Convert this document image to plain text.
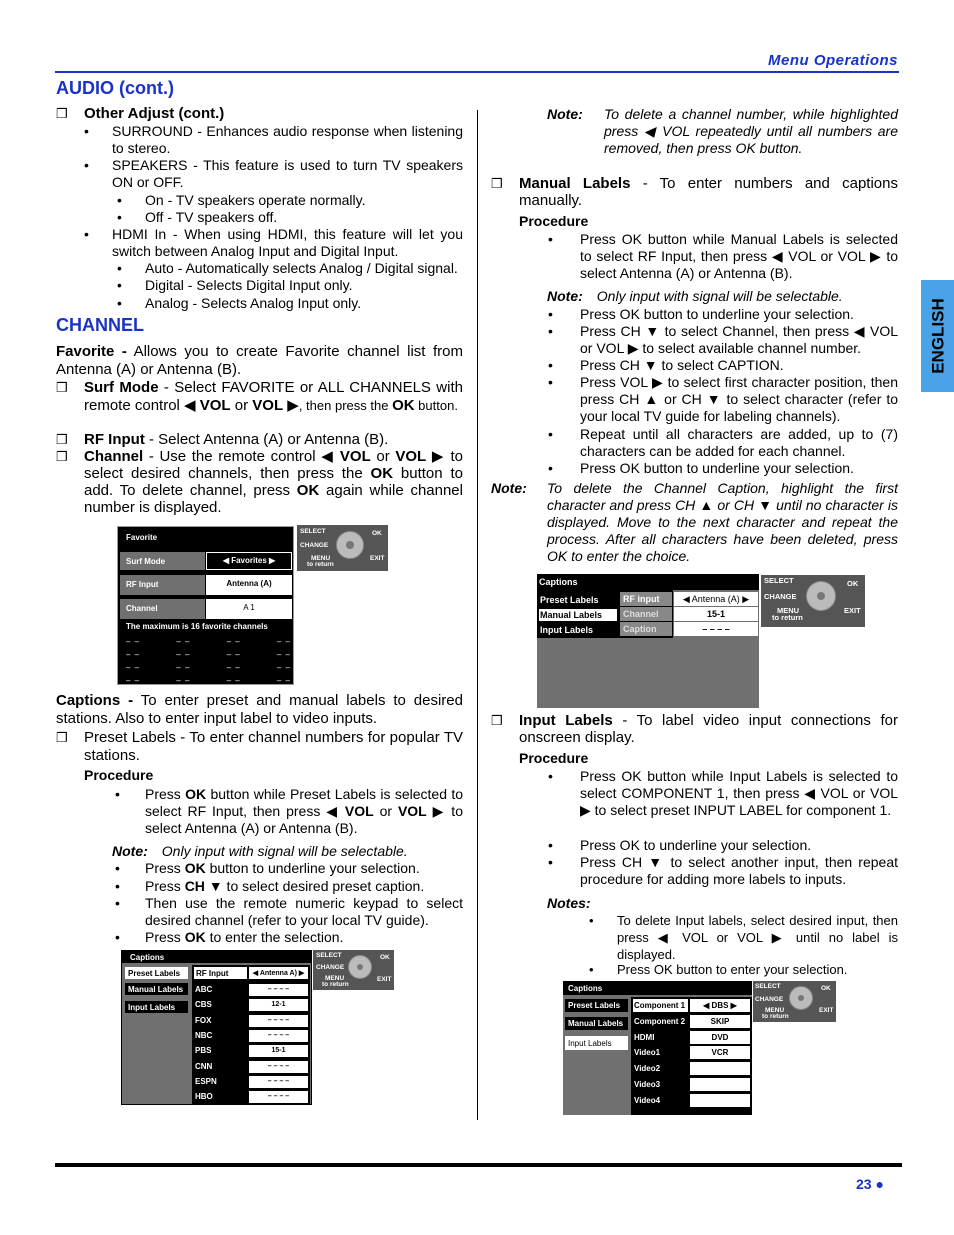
Menu Operations
ENGLISH
23 ●
AUDIO (cont.)
❒ Other Adjust (cont.)
• SURROUND - Enhances audio response when listening to stereo.
• SPEAKERS - This feature is used to turn TV speakers ON or OFF.
• On - TV speakers operate normally.
• Off - TV speakers off.
• HDMI In - When using HDMI, this feature will let you switch between Analog Input and Digital Input.
• Auto - Automatically selects Analog / Digital signal.
• Digital - Selects Digital Input only.
• Analog - Selects Analog Input only.
CHANNEL
Favorite - Allows you to create Favorite channel list from Antenna (A) or Antenna (B).
❒ Surf Mode - Select FAVORITE or ALL CHANNELS with remote control ◀ VOL or VOL ▶, then press the OK button.
❒ RF Input - Select Antenna (A) or Antenna (B).
❒ Channel - Use the remote control ◀ VOL or VOL ▶ to select desired channels, then press the OK button to add. To delete channel, press OK again while channel number is displayed.
Favorite
Surf Mode	◀ Favorites ▶
RF Input	Antenna (A)
Channel	A 1
The maximum is 16 favorite channels
– –	– –	– –	– –
– –	– –	– –	– –
– –	– –	– –	– –
– –	– –	– –	– –
SELECT	OK
CHANGE
MENU
to return
EXIT
Captions - To enter preset and manual labels to desired stations. Also to enter input label to video inputs.
❒ Preset Labels - To enter channel numbers for popular TV stations.
Procedure
• Press OK button while Preset Labels is selected to select RF Input, then press ◀ VOL or VOL ▶ to select Antenna (A) or Antenna (B).
Note: Only input with signal will be selectable.
• Press OK button to underline your selection.
• Press CH ▼ to select desired preset caption.
• Then use the remote numeric keypad to select desired channel (refer to your local TV guide).
• Press OK to enter the selection.
Captions
Preset Labels
Manual Labels
Input Labels
RF Input	◀ Antenna A) ▶
ABC	– – – –
CBS	12-1
FOX	– – – –
NBC	– – – –
PBS	15-1
CNN	– – – –
ESPN	– – – –
HBO	– – – –
SELECT	OK
CHANGE
MENU
to return
EXIT
Note: To delete a channel number, while highlighted press ◀ VOL repeatedly until all numbers are removed, then press OK button.
❒ Manual Labels - To enter numbers and captions manually.
Procedure
• Press OK button while Manual Labels is selected to select RF Input, then press ◀ VOL or VOL ▶ to select Antenna (A) or Antenna (B).
Note: Only input with signal will be selectable.
• Press OK button to underline your selection.
• Press CH ▼ to select Channel, then press ◀ VOL or VOL ▶ to select available channel number.
• Press CH ▼ to select CAPTION.
• Press VOL ▶ to select first character position, then press CH ▲ or CH ▼ to select character (refer to your local TV guide for labeling channels).
• Repeat until all characters are added, up to (7) characters can be added for each channel.
• Press OK button to underline your selection.
Note: To delete the Channel Caption, highlight the first character and press CH ▲ or CH ▼ until no character is displayed. Move to the next character and repeat the process. After all characters have been deleted, press OK to enter the choice.
Captions
Preset Labels
Manual Labels
Input Labels
RF input	◀ Antenna (A) ▶
Channel	15-1
Caption	– – – –
SELECT	OK
CHANGE
MENU
to return
EXIT
❒ Input Labels - To label video input connections for onscreen display.
Procedure
• Press OK button while Input Labels is selected to select COMPONENT 1, then press ◀ VOL or VOL ▶ to select preset INPUT LABEL for component 1.
• Press OK to underline your selection.
• Press CH ▼ to select another input, then repeat procedure for adding more labels to inputs.
Notes:
• To delete Input labels, select desired input, then press ◀ VOL or VOL ▶ until no label is displayed.
• Press OK button to enter your selection.
Captions
Preset Labels
Manual Labels
Input Labels
Component 1	◀ DBS ▶
Component 2	SKIP
HDMI	DVD
Video1	VCR
Video2
Video3
Video4
SELECT	OK
CHANGE
MENU
to return
EXIT
